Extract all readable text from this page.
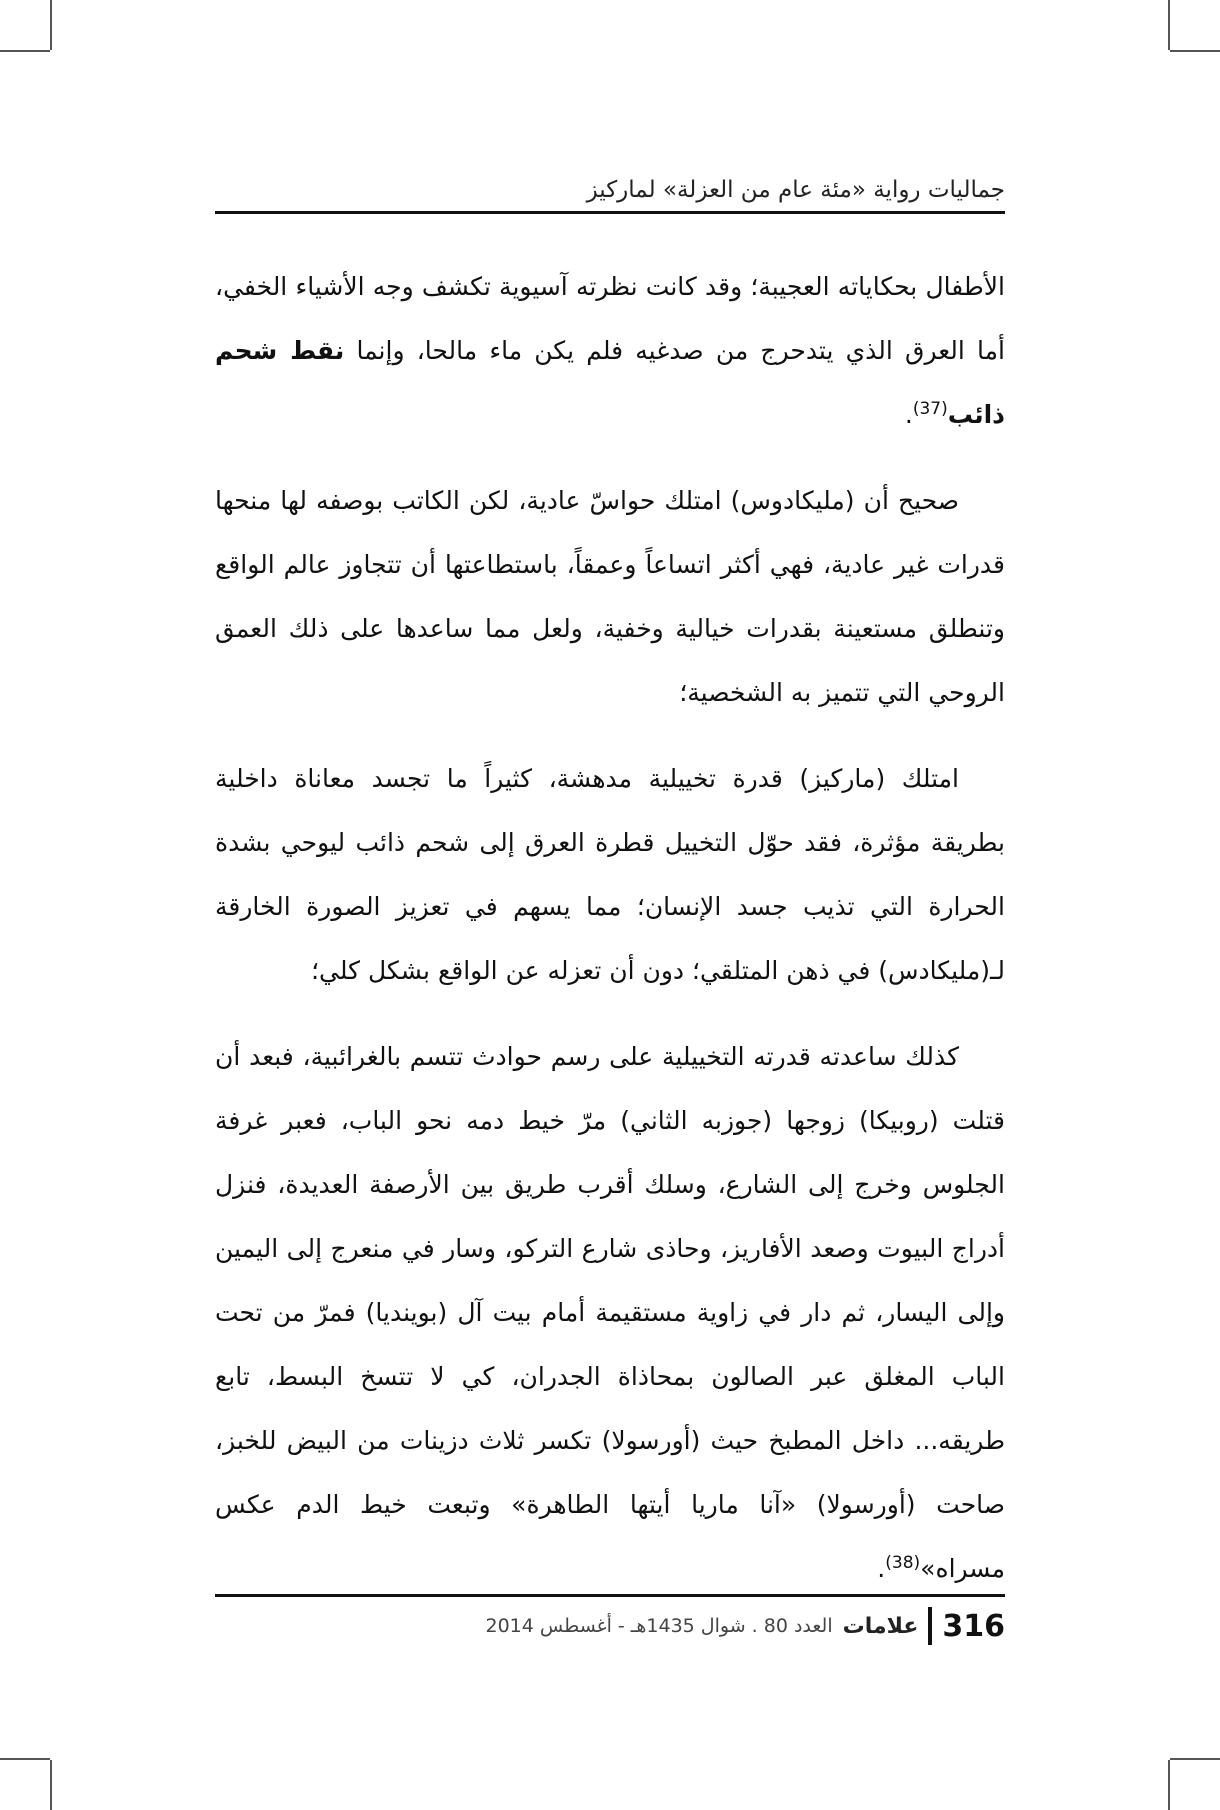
جماليات رواية «مئة عام من العزلة» لماركيز

الأطفال بحكاياته العجيبة؛ وقد كانت نظرته آسيوية تكشف وجه الأشياء الخفي، أما العرق الذي يتدحرج من صدغيه فلم يكن ماء مالحا، وإنما نقط شحم ذائب$^{(37)}$.

صحيح أن (مليكادوس) امتلك حواسّ عادية، لكن الكاتب بوصفه لها منحها قدرات غير عادية، فهي أكثر اتساعاً وعمقاً، باستطاعتها أن تتجاوز عالم الواقع وتنطلق مستعينة بقدرات خيالية وخفية، ولعل مما ساعدها على ذلك العمق الروحي التي تتميز به الشخصية؛

امتلك (ماركيز) قدرة تخييلية مدهشة، كثيراً ما تجسد معاناة داخلية بطريقة مؤثرة، فقد حوّل التخييل قطرة العرق إلى شحم ذائب ليوحي بشدة الحرارة التي تذيب جسد الإنسان؛ مما يسهم في تعزيز الصورة الخارقة لـ(مليكادس) في ذهن المتلقي؛ دون أن تعزله عن الواقع بشكل كلي؛

كذلك ساعدته قدرته التخييلية على رسم حوادث تتسم بالغرائبية، فبعد أن قتلت (روبيكا) زوجها (جوزبه الثاني) مرّ خيط دمه نحو الباب، فعبر غرفة الجلوس وخرج إلى الشارع، وسلك أقرب طريق بين الأرصفة العديدة، فنزل أدراج البيوت وصعد الأفاريز، وحاذى شارع التركو، وسار في منعرج إلى اليمين وإلى اليسار، ثم دار في زاوية مستقيمة أمام بيت آل (بوينديا) فمرّ من تحت الباب المغلق عبر الصالون بمحاذاة الجدران، كي لا تتسخ البسط، تابع طريقه... داخل المطبخ حيث (أورسولا) تكسر ثلاث دزينات من البيض للخبز، صاحت (أورسولا) «آنا ماريا أيتها الطاهرة» وتبعت خيط الدم عكس مسراه»$^{(38)}$.

316
علامات
العدد 80 . شوال 1435هـ - أغسطس 2014
